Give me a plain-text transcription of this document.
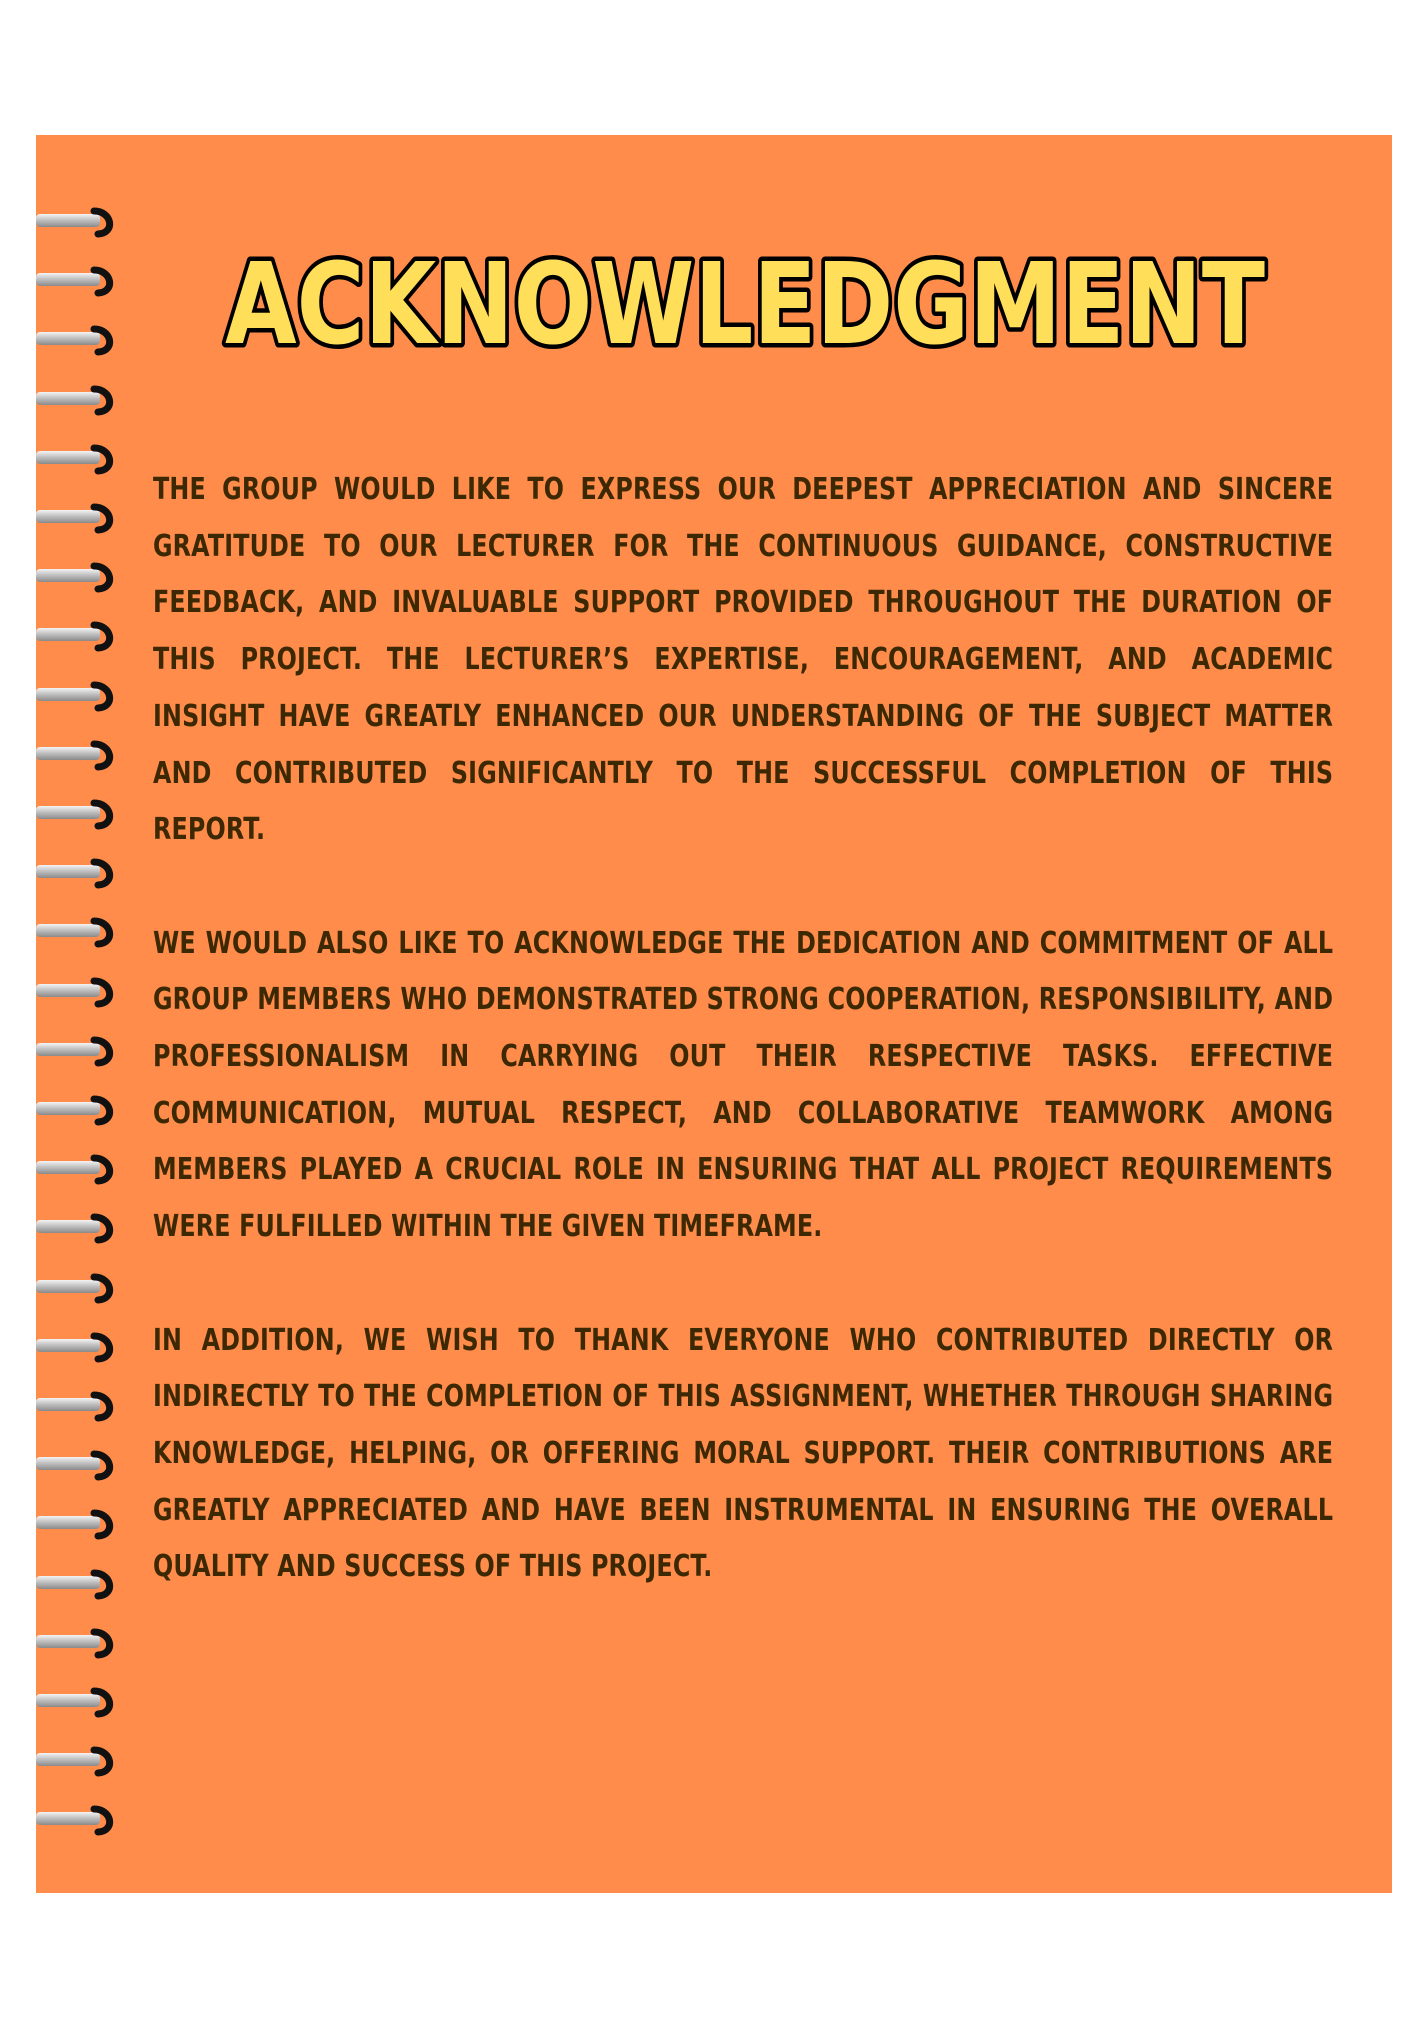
ACKNOWLEDGMENT

THE GROUP WOULD LIKE TO EXPRESS OUR DEEPEST APPRECIATION AND SINCERE GRATITUDE TO OUR LECTURER FOR THE CONTINUOUS GUIDANCE, CONSTRUCTIVE FEEDBACK, AND INVALUABLE SUPPORT PROVIDED THROUGHOUT THE DURATION OF THIS PROJECT. THE LECTURER’S EXPERTISE, ENCOURAGEMENT, AND ACADEMIC INSIGHT HAVE GREATLY ENHANCED OUR UNDERSTANDING OF THE SUBJECT MATTER AND CONTRIBUTED SIGNIFICANTLY TO THE SUCCESSFUL COMPLETION OF THIS REPORT.

WE WOULD ALSO LIKE TO ACKNOWLEDGE THE DEDICATION AND COMMITMENT OF ALL GROUP MEMBERS WHO DEMONSTRATED STRONG COOPERATION, RESPONSIBILITY, AND PROFESSIONALISM IN CARRYING OUT THEIR RESPECTIVE TASKS. EFFECTIVE COMMUNICATION, MUTUAL RESPECT, AND COLLABORATIVE TEAMWORK AMONG MEMBERS PLAYED A CRUCIAL ROLE IN ENSURING THAT ALL PROJECT REQUIREMENTS WERE FULFILLED WITHIN THE GIVEN TIMEFRAME.

IN ADDITION, WE WISH TO THANK EVERYONE WHO CONTRIBUTED DIRECTLY OR INDIRECTLY TO THE COMPLETION OF THIS ASSIGNMENT, WHETHER THROUGH SHARING KNOWLEDGE, HELPING, OR OFFERING MORAL SUPPORT. THEIR CONTRIBUTIONS ARE GREATLY APPRECIATED AND HAVE BEEN INSTRUMENTAL IN ENSURING THE OVERALL QUALITY AND SUCCESS OF THIS PROJECT.
